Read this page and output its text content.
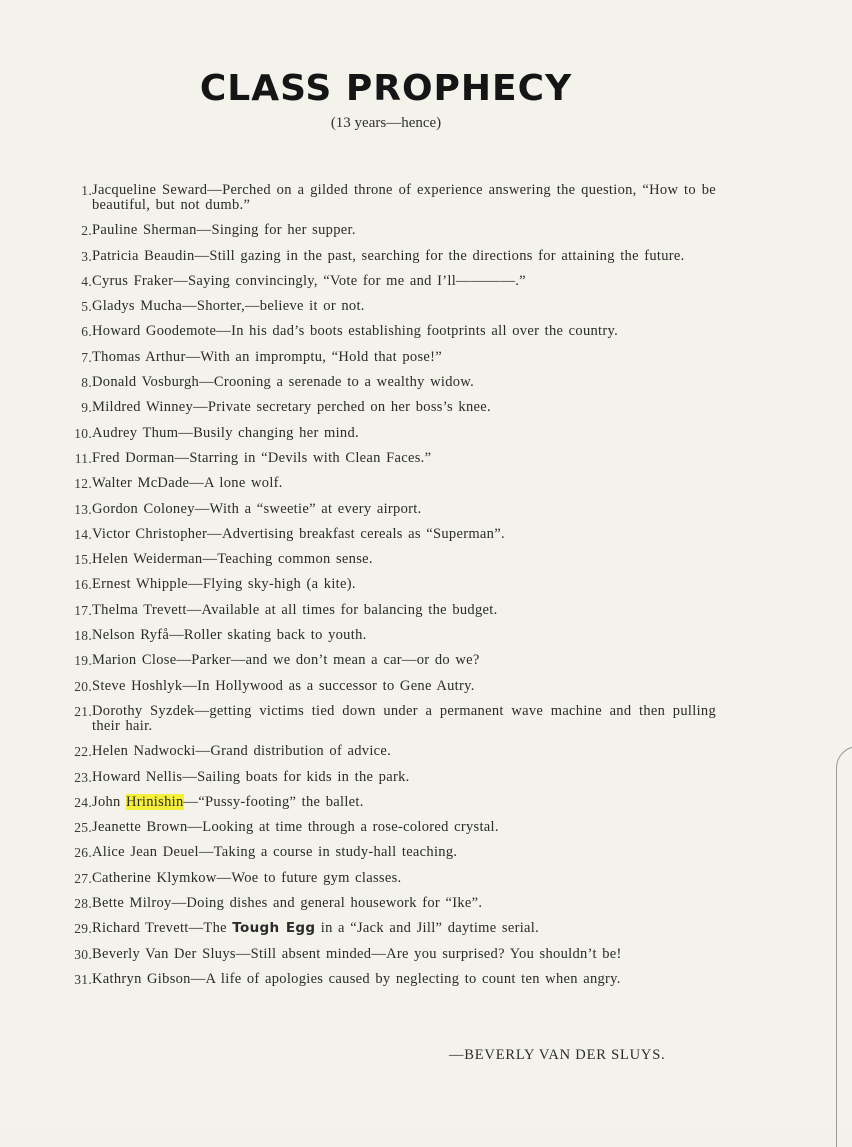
CLASS PROPHECY
(13 years—hence)
1. Jacqueline Seward—Perched on a gilded throne of experience answering the question, “How to be beautiful, but not dumb.”
2. Pauline Sherman—Singing for her supper.
3. Patricia Beaudin—Still gazing in the past, searching for the directions for attaining the future.
4. Cyrus Fraker—Saying convincingly, “Vote for me and I’ll————.”
5. Gladys Mucha—Shorter,—believe it or not.
6. Howard Goodemote—In his dad’s boots establishing footprints all over the country.
7. Thomas Arthur—With an impromptu, “Hold that pose!”
8. Donald Vosburgh—Crooning a serenade to a wealthy widow.
9. Mildred Winney—Private secretary perched on her boss’s knee.
10. Audrey Thum—Busily changing her mind.
11. Fred Dorman—Starring in “Devils with Clean Faces.”
12. Walter McDade—A lone wolf.
13. Gordon Coloney—With a “sweetie” at every airport.
14. Victor Christopher—Advertising breakfast cereals as “Superman”.
15. Helen Weiderman—Teaching common sense.
16. Ernest Whipple—Flying sky-high (a kite).
17. Thelma Trevett—Available at all times for balancing the budget.
18. Nelson Ryfå—Roller skating back to youth.
19. Marion Close—Parker—and we don’t mean a car—or do we?
20. Steve Hoshlyk—In Hollywood as a successor to Gene Autry.
21. Dorothy Syzdek—getting victims tied down under a permanent wave machine and then pulling their hair.
22. Helen Nadwocki—Grand distribution of advice.
23. Howard Nellis—Sailing boats for kids in the park.
24. John Hrinishin—“Pussy-footing” the ballet.
25. Jeanette Brown—Looking at time through a rose-colored crystal.
26. Alice Jean Deuel—Taking a course in study-hall teaching.
27. Catherine Klymkow—Woe to future gym classes.
28. Bette Milroy—Doing dishes and general housework for “Ike”.
29. Richard Trevett—The Tough Egg in a “Jack and Jill” daytime serial.
30. Beverly Van Der Sluys—Still absent minded—Are you surprised? You shouldn’t be!
31. Kathryn Gibson—A life of apologies caused by neglecting to count ten when angry.
—BEVERLY VAN DER SLUYS.
